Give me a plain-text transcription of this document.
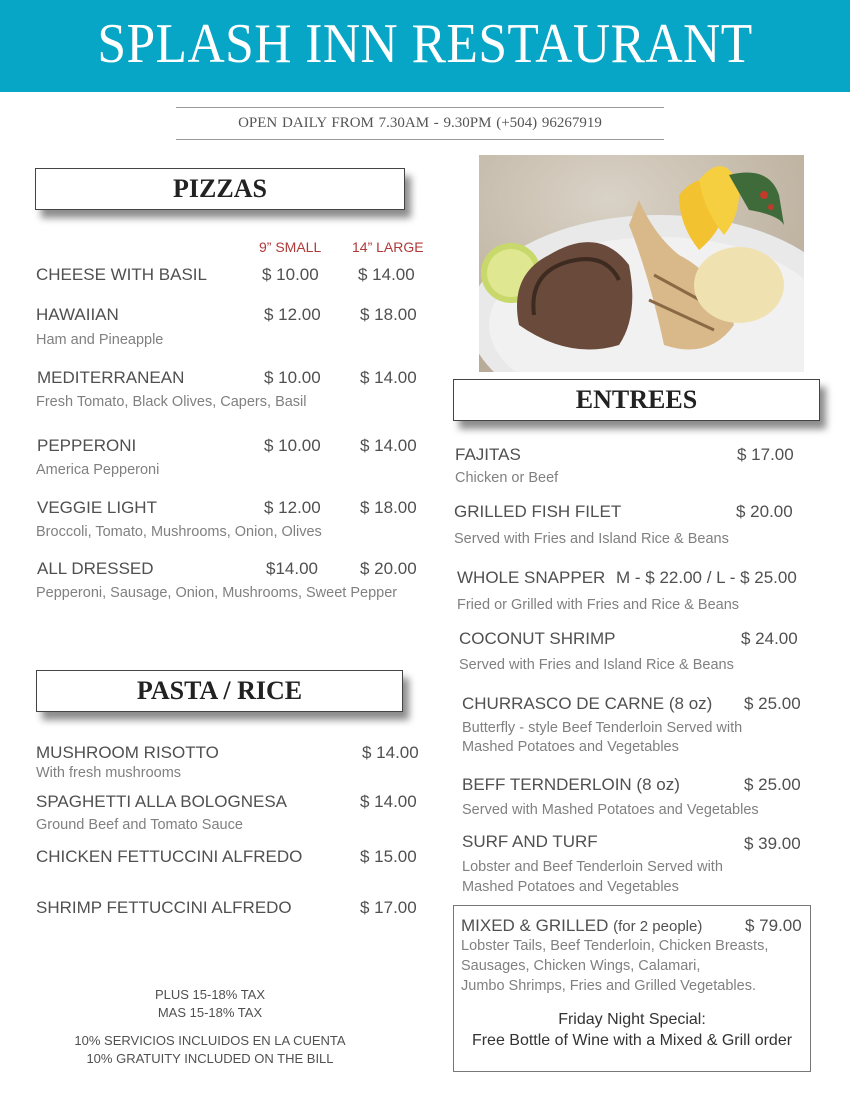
SPLASH INN RESTAURANT
OPEN DAILY FROM 7.30AM - 9.30PM (+504) 96267919
PIZZAS
9” SMALL 14” LARGE
CHEESE WITH BASIL	$ 10.00 $ 14.00
HAWAIIAN	$ 12.00 $ 18.00
Ham and Pineapple
MEDITERRANEAN	$ 10.00 $ 14.00
Fresh Tomato, Black Olives, Capers, Basil
PEPPERONI	$ 10.00 $ 14.00
America Pepperoni
VEGGIE LIGHT	$ 12.00 $ 18.00
Broccoli, Tomato, Mushrooms, Onion, Olives
ALL DRESSED	$14.00 $ 20.00
Pepperoni, Sausage, Onion, Mushrooms, Sweet Pepper
PASTA / RICE
MUSHROOM RISOTTO	$ 14.00
With fresh mushrooms
SPAGHETTI ALLA BOLOGNESA	$ 14.00
Ground Beef and Tomato Sauce
CHICKEN FETTUCCINI ALFREDO	$ 15.00
SHRIMP FETTUCCINI ALFREDO	$ 17.00
PLUS 15-18% TAX
MAS 15-18% TAX
10% SERVICIOS INCLUIDOS EN LA CUENTA
10% GRATUITY INCLUDED ON THE BILL
ENTREES
FAJITAS	$ 17.00
Chicken or Beef
GRILLED FISH FILET	$ 20.00
Served with Fries and Island Rice & Beans
WHOLE SNAPPER M - $ 22.00 / L - $ 25.00
Fried or Grilled with Fries and Rice & Beans
COCONUT SHRIMP	$ 24.00
Served with Fries and Island Rice & Beans
CHURRASCO DE CARNE (8 oz) $ 25.00
Butterfly - style Beef Tenderloin Served with
Mashed Potatoes and Vegetables
BEFF TERNDERLOIN (8 oz)	$ 25.00
Served with Mashed Potatoes and Vegetables
SURF AND TURF	$ 39.00
Lobster and Beef Tenderloin Served with
Mashed Potatoes and Vegetables
MIXED & GRILLED (for 2 people)	$ 79.00
Lobster Tails, Beef Tenderloin, Chicken Breasts,
Sausages, Chicken Wings, Calamari,
Jumbo Shrimps, Fries and Grilled Vegetables.
Friday Night Special:
Free Bottle of Wine with a Mixed & Grill order
